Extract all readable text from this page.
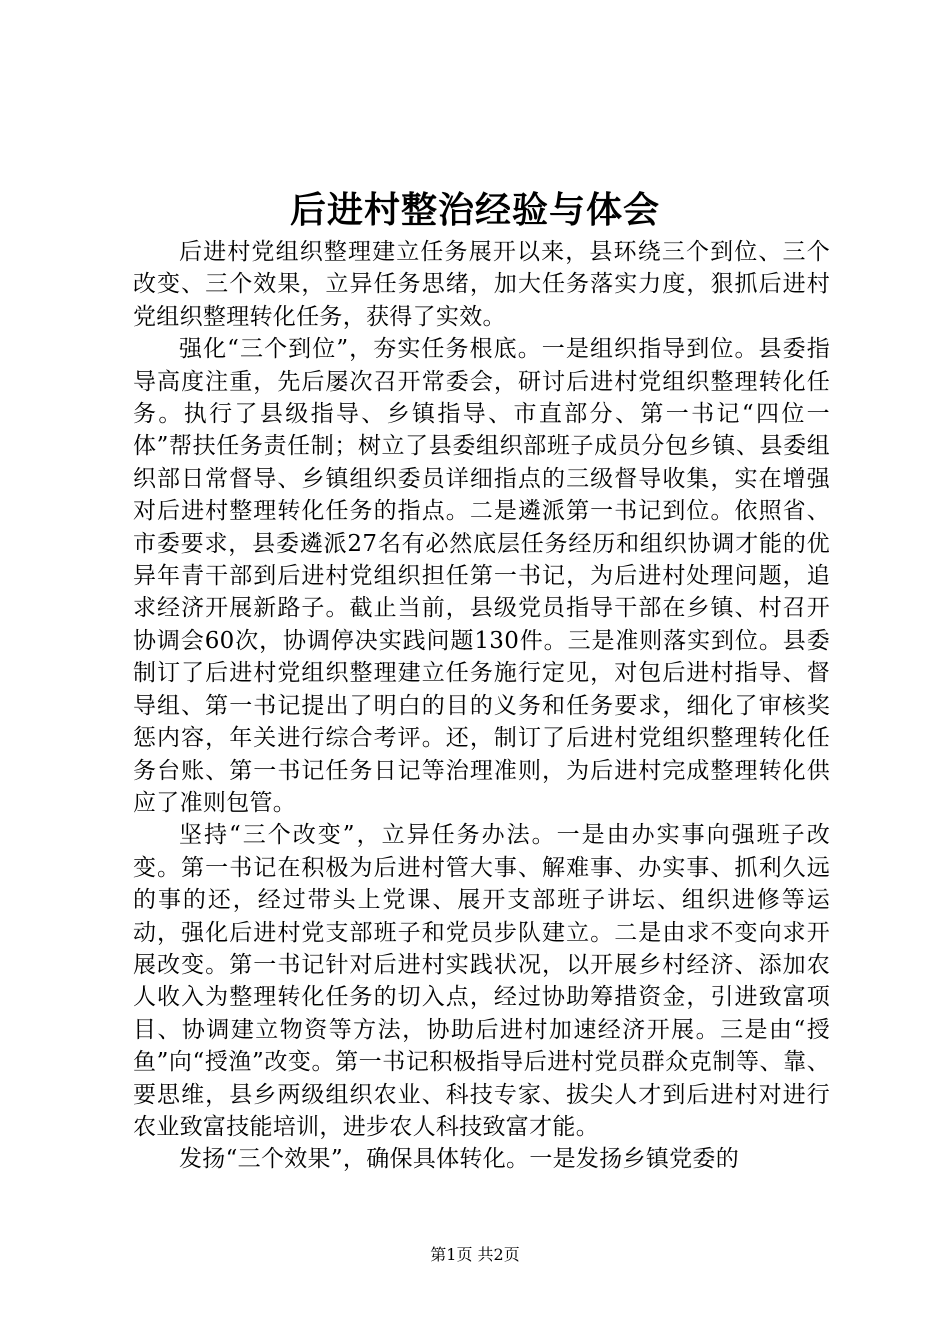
后进村整治经验与体会

后进村党组织整理建立任务展开以来，县环绕三个到位、三个改变、三个效果，立异任务思绪，加大任务落实力度，狠抓后进村党组织整理转化任务，获得了实效。

强化“三个到位”，夯实任务根底。一是组织指导到位。县委指导高度注重，先后屡次召开常委会，研讨后进村党组织整理转化任务。执行了县级指导、乡镇指导、市直部分、第一书记“四位一体”帮扶任务责任制；树立了县委组织部班子成员分包乡镇、县委组织部日常督导、乡镇组织委员详细指点的三级督导收集，实在增强对后进村整理转化任务的指点。二是遴派第一书记到位。依照省、市委要求，县委遴派27名有必然底层任务经历和组织协调才能的优异年青干部到后进村党组织担任第一书记，为后进村处理问题，追求经济开展新路子。截止当前，县级党员指导干部在乡镇、村召开协调会60次，协调停决实践问题130件。三是准则落实到位。县委制订了后进村党组织整理建立任务施行定见，对包后进村指导、督导组、第一书记提出了明白的目的义务和任务要求，细化了审核奖惩内容，年关进行综合考评。还，制订了后进村党组织整理转化任务台账、第一书记任务日记等治理准则，为后进村完成整理转化供应了准则包管。

坚持“三个改变”，立异任务办法。一是由办实事向强班子改变。第一书记在积极为后进村管大事、解难事、办实事、抓利久远的事的还，经过带头上党课、展开支部班子讲坛、组织进修等运动，强化后进村党支部班子和党员步队建立。二是由求不变向求开展改变。第一书记针对后进村实践状况，以开展乡村经济、添加农人收入为整理转化任务的切入点，经过协助筹措资金，引进致富项目、协调建立物资等方法，协助后进村加速经济开展。三是由“授鱼”向“授渔”改变。第一书记积极指导后进村党员群众克制等、靠、要思维，县乡两级组织农业、科技专家、拔尖人才到后进村对进行农业致富技能培训，进步农人科技致富才能。

发扬“三个效果”，确保具体转化。一是发扬乡镇党委的

第1页 共2页
